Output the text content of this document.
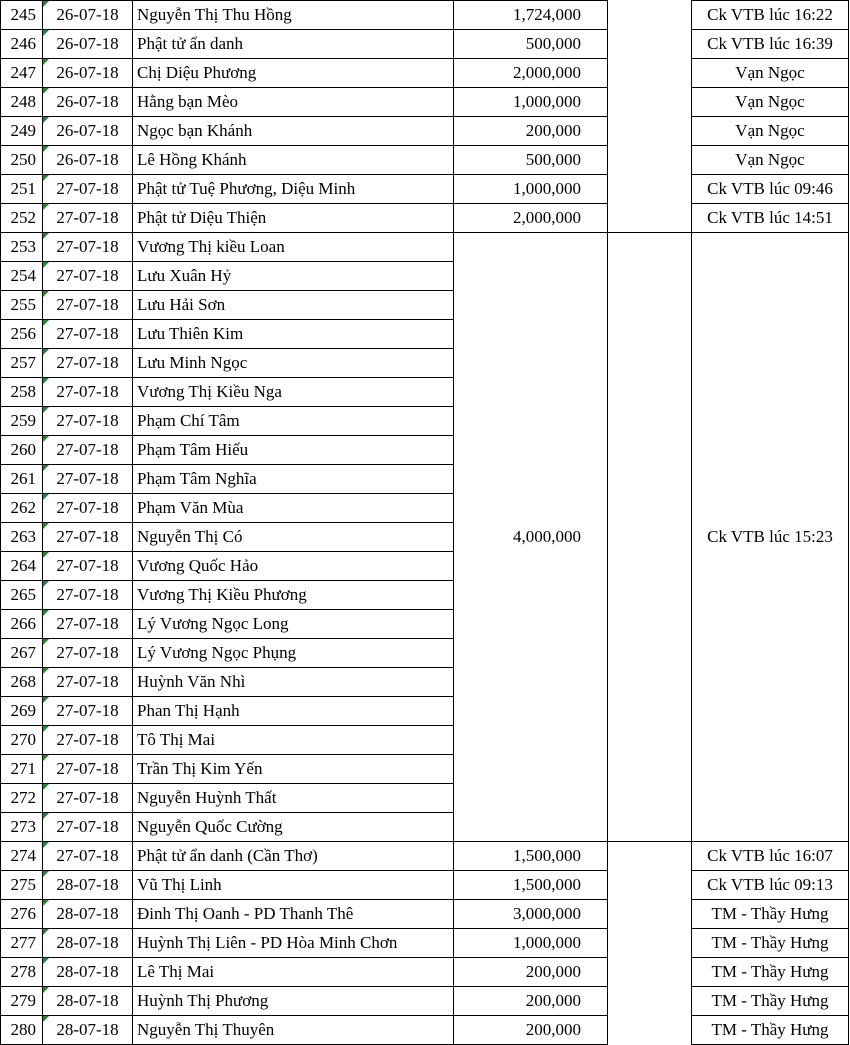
245	26-07-18	Nguyễn Thị Thu Hồng	1,724,000		Ck VTB lúc 16:22
246	26-07-18	Phật tử ẩn danh	500,000		Ck VTB lúc 16:39
247	26-07-18	Chị Diệu Phương	2,000,000		Vạn Ngọc
248	26-07-18	Hằng bạn Mèo	1,000,000		Vạn Ngọc
249	26-07-18	Ngọc bạn Khánh	200,000		Vạn Ngọc
250	26-07-18	Lê Hồng Khánh	500,000		Vạn Ngọc
251	27-07-18	Phật tử Tuệ Phương, Diệu Minh	1,000,000		Ck VTB lúc 09:46
252	27-07-18	Phật tử Diệu Thiện	2,000,000		Ck VTB lúc 14:51
253	27-07-18	Vương Thị kiều Loan	4,000,000		Ck VTB lúc 15:23
254	27-07-18	Lưu Xuân Hỷ			
255	27-07-18	Lưu Hải Sơn			
256	27-07-18	Lưu Thiên Kim			
257	27-07-18	Lưu Minh Ngọc			
258	27-07-18	Vương Thị Kiều Nga			
259	27-07-18	Phạm Chí Tâm			
260	27-07-18	Phạm Tâm Hiếu			
261	27-07-18	Phạm Tâm Nghĩa			
262	27-07-18	Phạm Văn Mùa			
263	27-07-18	Nguyễn Thị Có			
264	27-07-18	Vương Quốc Hảo			
265	27-07-18	Vương Thị Kiều Phương			
266	27-07-18	Lý Vương Ngọc Long			
267	27-07-18	Lý Vương Ngọc Phụng			
268	27-07-18	Huỳnh Văn Nhì			
269	27-07-18	Phan Thị Hạnh			
270	27-07-18	Tô Thị Mai			
271	27-07-18	Trần Thị Kim Yến			
272	27-07-18	Nguyễn Huỳnh Thất			
273	27-07-18	Nguyễn Quốc Cường			
274	27-07-18	Phật tử ẩn danh (Cần Thơ)	1,500,000		Ck VTB lúc 16:07
275	28-07-18	Vũ Thị Linh	1,500,000		Ck VTB lúc 09:13
276	28-07-18	Đinh Thị Oanh - PD Thanh Thê	3,000,000		TM - Thầy Hưng
277	28-07-18	Huỳnh Thị Liên - PD Hòa Minh Chơn	1,000,000		TM - Thầy Hưng
278	28-07-18	Lê Thị Mai	200,000		TM - Thầy Hưng
279	28-07-18	Huỳnh Thị Phương	200,000		TM - Thầy Hưng
280	28-07-18	Nguyễn Thị Thuyên	200,000		TM - Thầy Hưng
